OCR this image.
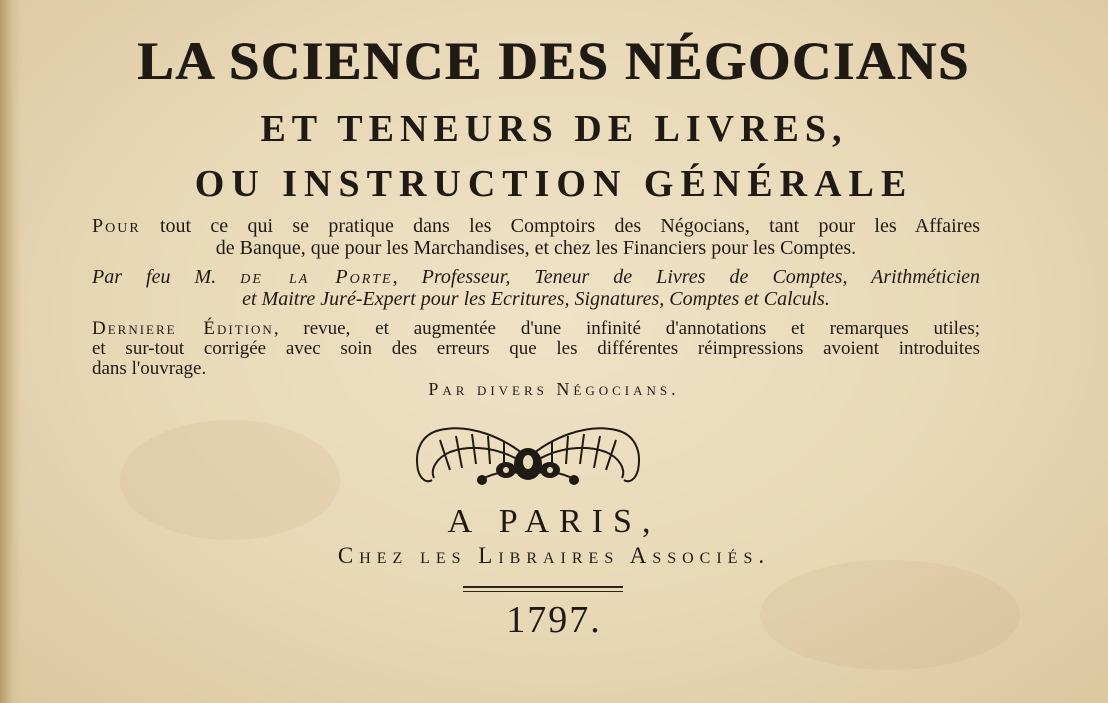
LA SCIENCE DES NÉGOCIANS
ET TENEURS DE LIVRES,
OU INSTRUCTION GÉNÉRALE
Pour tout ce qui se pratique dans les Comptoirs des Négocians, tant pour les Affaires
de Banque, que pour les Marchandises, et chez les Financiers pour les Comptes.
Par feu M. de la Porte, Professeur, Teneur de Livres de Comptes, Arithméticien
et Maitre Juré-Expert pour les Ecritures, Signatures, Comptes et Calculs.
Derniere Édition, revue, et augmentée d'une infinité d'annotations et remarques utiles;
et sur-tout corrigée avec soin des erreurs que les différentes réimpressions avoient introduites
dans l'ouvrage.
Par divers Négocians.
A PARIS,
Chez les Libraires Associés.
1797.
